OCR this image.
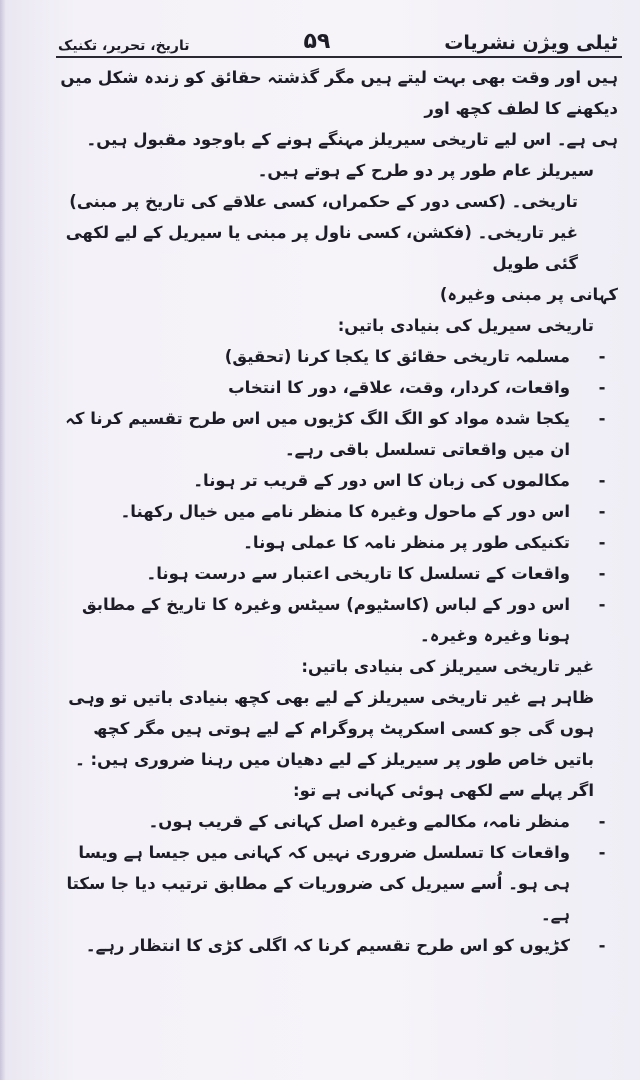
تاریخ، تحریر، تکنیک	۵۹	ٹیلی ویژن نشریات

ہیں اور وقت بھی بہت لیتے ہیں مگر گذشتہ حقائق کو زندہ شکل میں دیکھنے کا لطف کچھ اور

ہی ہے۔ اس لیے تاریخی سیریلز مہنگے ہونے کے باوجود مقبول ہیں۔

سیریلز عام طور پر دو طرح کے ہوتے ہیں۔

تاریخی۔ (کسی دور کے حکمراں، کسی علاقے کی تاریخ پر مبنی)

غیر تاریخی۔ (فکشن، کسی ناول پر مبنی یا سیریل کے لیے لکھی گئی طویل

کہانی پر مبنی وغیرہ)

تاریخی سیریل کی بنیادی باتیں:

-
مسلمہ تاریخی حقائق کا یکجا کرنا (تحقیق)
-
واقعات، کردار، وقت، علاقے، دور کا انتخاب
-
یکجا شدہ مواد کو الگ الگ کڑیوں میں اس طرح تقسیم کرنا کہ ان میں واقعاتی تسلسل باقی رہے۔
-
مکالموں کی زبان کا اس دور کے قریب تر ہونا۔
-
اس دور کے ماحول وغیرہ کا منظر نامے میں خیال رکھنا۔
-
تکنیکی طور پر منظر نامہ کا عملی ہونا۔
-
واقعات کے تسلسل کا تاریخی اعتبار سے درست ہونا۔
-
اس دور کے لباس (کاسٹیوم) سیٹس وغیرہ کا تاریخ کے مطابق ہونا وغیرہ وغیرہ۔

غیر تاریخی سیریلز کی بنیادی باتیں:

ظاہر ہے غیر تاریخی سیریلز کے لیے بھی کچھ بنیادی باتیں تو وہی ہوں گی جو کسی اسکرپٹ پروگرام کے لیے ہوتی ہیں مگر کچھ باتیں خاص طور پر سیریلز کے لیے دھیان میں رہنا ضروری ہیں: ۔ اگر پہلے سے لکھی ہوئی کہانی ہے تو:

-
منظر نامہ، مکالمے وغیرہ اصل کہانی کے قریب ہوں۔
-
واقعات کا تسلسل ضروری نہیں کہ کہانی میں جیسا ہے ویسا ہی ہو۔ اُسے سیریل کی ضروریات کے مطابق ترتیب دیا جا سکتا ہے۔
-
کڑیوں کو اس طرح تقسیم کرنا کہ اگلی کڑی کا انتظار رہے۔
